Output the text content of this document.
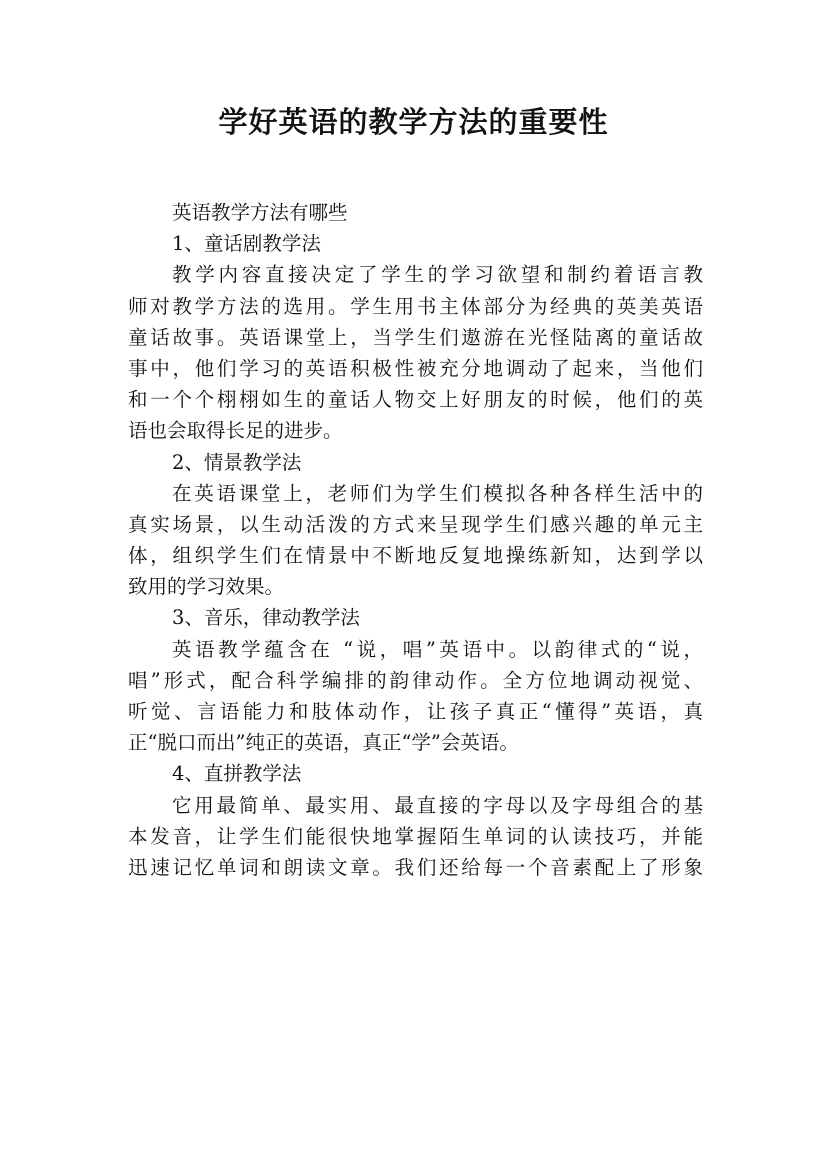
学好英语的教学方法的重要性
英语教学方法有哪些
1、童话剧教学法
教学内容直接决定了学生的学习欲望和制约着语言教
师对教学方法的选用。学生用书主体部分为经典的英美英语
童话故事。英语课堂上，当学生们遨游在光怪陆离的童话故
事中，他们学习的英语积极性被充分地调动了起来，当他们
和一个个栩栩如生的童话人物交上好朋友的时候，他们的英
语也会取得长足的进步。
2、情景教学法
在英语课堂上，老师们为学生们模拟各种各样生活中的
真实场景，以生动活泼的方式来呈现学生们感兴趣的单元主
体，组织学生们在情景中不断地反复地操练新知，达到学以
致用的学习效果。
3、音乐，律动教学法
英语教学蕴含在 “说，唱”英语中。以韵律式的“说，
唱”形式，配合科学编排的韵律动作。全方位地调动视觉、
听觉、言语能力和肢体动作，让孩子真正“懂得”英语，真
正“脱口而出”纯正的英语，真正“学”会英语。
4、直拼教学法
它用最简单、最实用、最直接的字母以及字母组合的基
本发音，让学生们能很快地掌握陌生单词的认读技巧，并能
迅速记忆单词和朗读文章。我们还给每一个音素配上了形象
